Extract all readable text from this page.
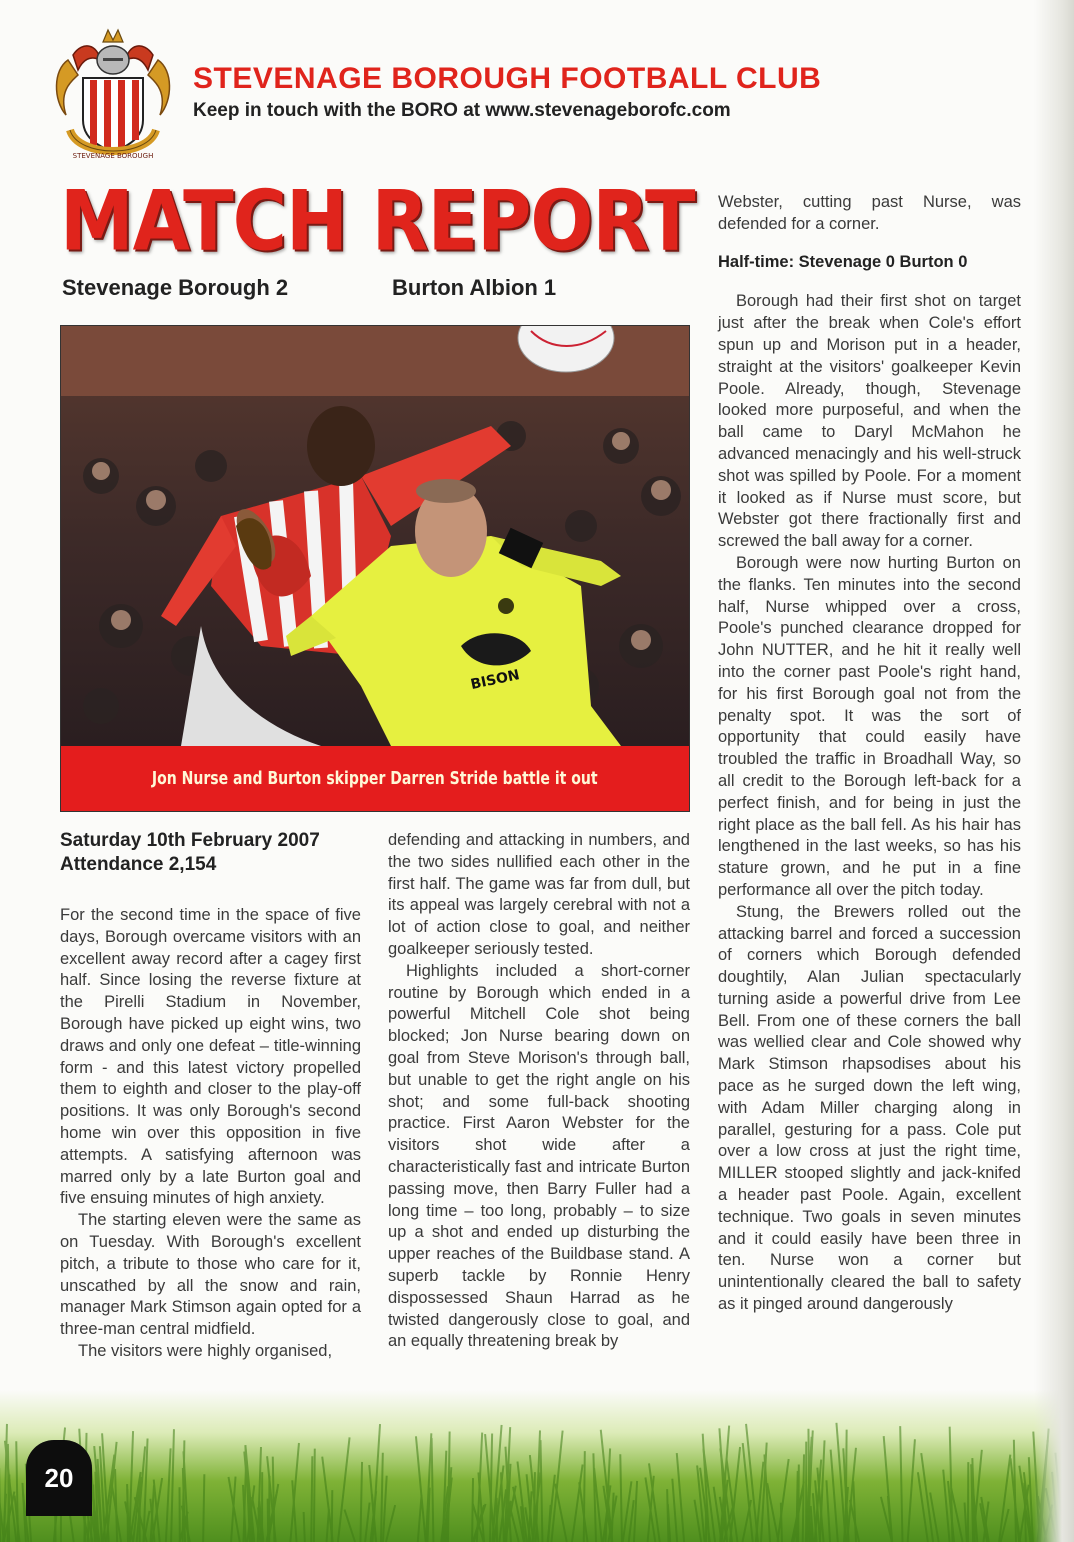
STEVENAGE BOROUGH
STEVENAGE BOROUGH FOOTBALL CLUB
Keep in touch with the BORO at www.stevenageborofc.com
MATCH REPORT
Stevenage Borough 2	Burton Albion 1
BISON
Jon Nurse and Burton skipper Darren Stride battle it out
Saturday 10th February 2007
Attendance 2,154

For the second time in the space of five days, Borough overcame visitors with an excellent away record after a cagey first half. Since losing the reverse fixture at the Pirelli Stadium in November, Borough have picked up eight wins, two draws and only one defeat – title-winning form - and this latest victory propelled them to eighth and closer to the play-off positions. It was only Borough's second home win over this opposition in five attempts. A satisfying afternoon was marred only by a late Burton goal and five ensuing minutes of high anxiety.

The starting eleven were the same as on Tuesday. With Borough's excellent pitch, a tribute to those who care for it, unscathed by all the snow and rain, manager Mark Stimson again opted for a three-man central midfield.

The visitors were highly organised,

defending and attacking in numbers, and the two sides nullified each other in the first half. The game was far from dull, but its appeal was largely cerebral with not a lot of action close to goal, and neither goalkeeper seriously tested.

Highlights included a short-corner routine by Borough which ended in a powerful Mitchell Cole shot being blocked; Jon Nurse bearing down on goal from Steve Morison's through ball, but unable to get the right angle on his shot; and some full-back shooting practice. First Aaron Webster for the visitors shot wide after a characteristically fast and intricate Burton passing move, then Barry Fuller had a long time – too long, probably – to size up a shot and ended up disturbing the upper reaches of the Buildbase stand. A superb tackle by Ronnie Henry dispossessed Shaun Harrad as he twisted dangerously close to goal, and an equally threatening break by

Webster, cutting past Nurse, was defended for a corner.

Half-time: Stevenage 0 Burton 0

Borough had their first shot on target just after the break when Cole's effort spun up and Morison put in a header, straight at the visitors' goalkeeper Kevin Poole. Already, though, Stevenage looked more purposeful, and when the ball came to Daryl McMahon he advanced menacingly and his well-struck shot was spilled by Poole. For a moment it looked as if Nurse must score, but Webster got there fractionally first and screwed the ball away for a corner.

Borough were now hurting Burton on the flanks. Ten minutes into the second half, Nurse whipped over a cross, Poole's punched clearance dropped for John NUTTER, and he hit it really well into the corner past Poole's right hand, for his first Borough goal not from the penalty spot. It was the sort of opportunity that could easily have troubled the traffic in Broadhall Way, so all credit to the Borough left-back for a perfect finish, and for being in just the right place as the ball fell. As his hair has lengthened in the last weeks, so has his stature grown, and he put in a fine performance all over the pitch today.

Stung, the Brewers rolled out the attacking barrel and forced a succession of corners which Borough defended doughtily, Alan Julian spectacularly turning aside a powerful drive from Lee Bell. From one of these corners the ball was wellied clear and Cole showed why Mark Stimson rhapsodises about his pace as he surged down the left wing, with Adam Miller charging along in parallel, gesturing for a pass. Cole put over a low cross at just the right time, MILLER stooped slightly and jack-knifed a header past Poole. Again, excellent technique. Two goals in seven minutes and it could easily have been three in ten. Nurse won a corner but unintentionally cleared the ball to safety as it pinged around dangerously

20
